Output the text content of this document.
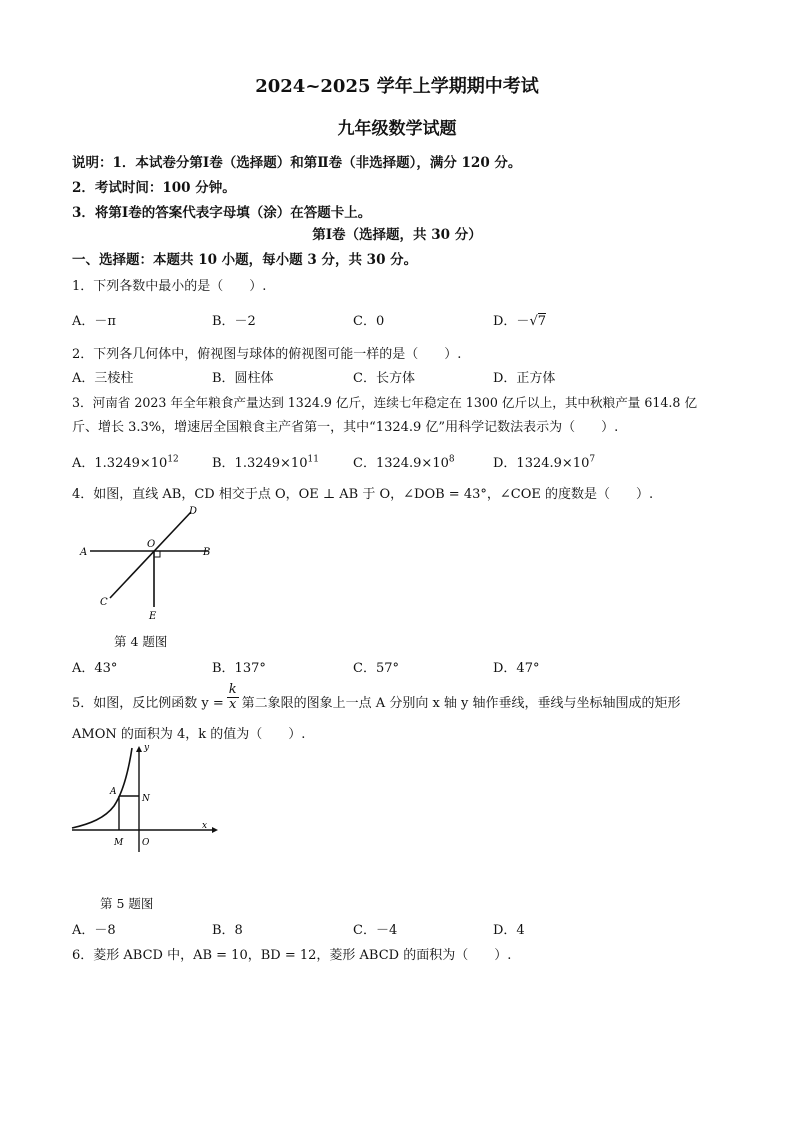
2024~2025 学年上学期期中考试
九年级数学试题
说明：1．本试卷分第Ⅰ卷（选择题）和第Ⅱ卷（非选择题），满分 120 分。
2．考试时间：100 分钟。
3．将第Ⅰ卷的答案代表字母填（涂）在答题卡上。
第Ⅰ卷（选择题，共 30 分）
一、选择题：本题共 10 小题，每小题 3 分，共 30 分。
1．下列各数中最小的是（　　）.
A．－π	B．－2	C．0	D．－√7
2．下列各几何体中，俯视图与球体的俯视图可能一样的是（　　）.
A．三棱柱	B．圆柱体	C．长方体	D．正方体
3．河南省 2023 年全年粮食产量达到 1324.9 亿斤，连续七年稳定在 1300 亿斤以上，其中秋粮产量 614.8 亿
斤、增长 3.3%，增速居全国粮食主产省第一，其中“1324.9 亿”用科学记数法表示为（　　）.
A．$1.3249\times 10^{12}$	B．$1.3249\times 10^{11}$	C．$1324.9\times 10^8$	D．$1324.9\times 10^7$
4．如图，直线 AB，CD 相交于点 O，OE ⊥ AB 于 O，∠DOB = 43°，∠COE 的度数是（　　）.
A	B
C
D
O
E
第 4 题图
A．43°	B．137°	C．57°	D．47°
5．如图，反比例函数 $y = \frac{k}{x}$ 第二象限的图象上一点 A 分别向 x 轴 y 轴作垂线，垂线与坐标轴围成的矩形
AMON 的面积为 4，k 的值为（　　）.
y
x
A
N
M O
第 5 题图
A．－8	B．8	C．－4	D．4
6．菱形 ABCD 中，AB = 10，BD = 12，菱形 ABCD 的面积为（　　）.
